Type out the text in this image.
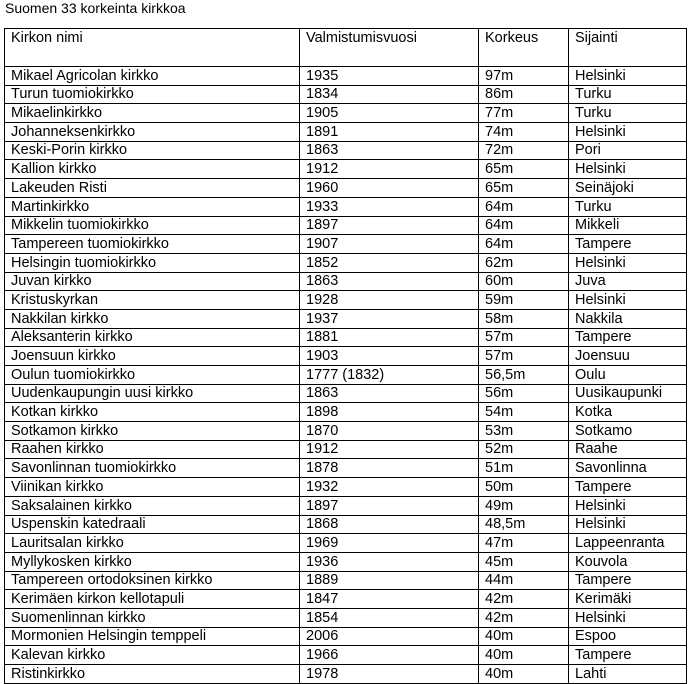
Suomen 33 korkeinta kirkkoa
Kirkon nimi	Valmistumisvuosi	Korkeus	Sijainti
Mikael Agricolan kirkko	1935	97m	Helsinki
Turun tuomiokirkko	1834	86m	Turku
Mikaelinkirkko	1905	77m	Turku
Johanneksenkirkko	1891	74m	Helsinki
Keski-Porin kirkko	1863	72m	Pori
Kallion kirkko	1912	65m	Helsinki
Lakeuden Risti	1960	65m	Seinäjoki
Martinkirkko	1933	64m	Turku
Mikkelin tuomiokirkko	1897	64m	Mikkeli
Tampereen tuomiokirkko	1907	64m	Tampere
Helsingin tuomiokirkko	1852	62m	Helsinki
Juvan kirkko	1863	60m	Juva
Kristuskyrkan	1928	59m	Helsinki
Nakkilan kirkko	1937	58m	Nakkila
Aleksanterin kirkko	1881	57m	Tampere
Joensuun kirkko	1903	57m	Joensuu
Oulun tuomiokirkko	1777 (1832)	56,5m	Oulu
Uudenkaupungin uusi kirkko	1863	56m	Uusikaupunki
Kotkan kirkko	1898	54m	Kotka
Sotkamon kirkko	1870	53m	Sotkamo
Raahen kirkko	1912	52m	Raahe
Savonlinnan tuomiokirkko	1878	51m	Savonlinna
Viinikan kirkko	1932	50m	Tampere
Saksalainen kirkko	1897	49m	Helsinki
Uspenskin katedraali	1868	48,5m	Helsinki
Lauritsalan kirkko	1969	47m	Lappeenranta
Myllykosken kirkko	1936	45m	Kouvola
Tampereen ortodoksinen kirkko	1889	44m	Tampere
Kerimäen kirkon kellotapuli	1847	42m	Kerimäki
Suomenlinnan kirkko	1854	42m	Helsinki
Mormonien Helsingin temppeli	2006	40m	Espoo
Kalevan kirkko	1966	40m	Tampere
Ristinkirkko	1978	40m	Lahti
